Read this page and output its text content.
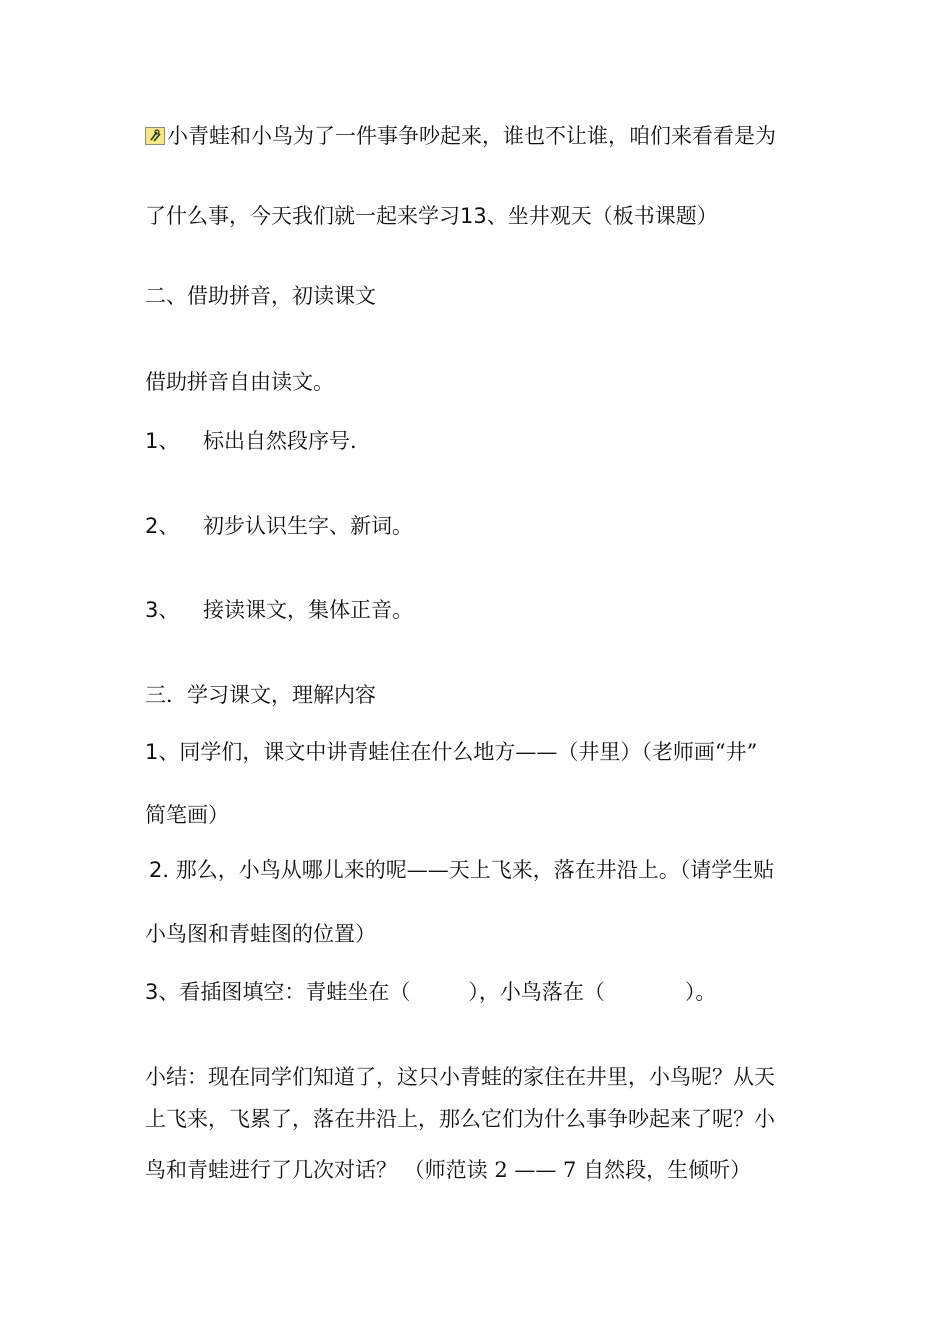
小青蛙和小鸟为了一件事争吵起来，谁也不让谁，咱们来看看是为
了什么事，今天我们就一起来学习13、坐井观天（板书课题）
二、借助拼音，初读课文
借助拼音自由读文。
1、 标出自然段序号.
2、 初步认识生字、新词。
3、 接读课文，集体正音。
三．学习课文，理解内容
1、同学们，课文中讲青蛙住在什么地方——（井里）（老师画“井”
简笔画）
2. 那么，小鸟从哪儿来的呢——天上飞来，落在井沿上。（请学生贴
小鸟图和青蛙图的位置）
3、看插图填空：青蛙坐在（	），小鸟落在（	）。
小结：现在同学们知道了，这只小青蛙的家住在井里，小鸟呢？从天
上飞来，飞累了，落在井沿上，那么它们为什么事争吵起来了呢？小
鸟和青蛙进行了几次对话？ （师范读 2 —— 7 自然段，生倾听）
